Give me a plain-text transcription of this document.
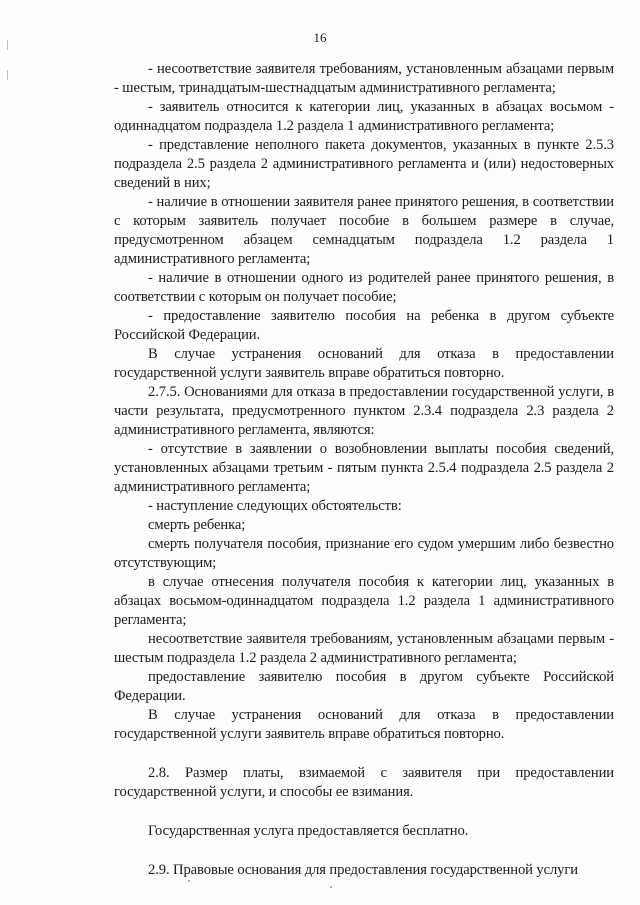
16

- несоответствие заявителя требованиям, установленным абзацами первым - шестым, тринадцатым-шестнадцатым административного регламента;

- заявитель относится к категории лиц, указанных в абзацах восьмом - одиннадцатом подраздела 1.2 раздела 1 административного регламента;

- представление неполного пакета документов, указанных в пункте 2.5.3 подраздела 2.5 раздела 2 административного регламента и (или) недостоверных сведений в них;

- наличие в отношении заявителя ранее принятого решения, в соответствии с которым заявитель получает пособие в большем размере в случае, предусмотренном абзацем семнадцатым подраздела 1.2 раздела 1 административного регламента;

- наличие в отношении одного из родителей ранее принятого решения, в соответствии с которым он получает пособие;

- предоставление заявителю пособия на ребенка в другом субъекте Российской Федерации.

В случае устранения оснований для отказа в предоставлении государственной услуги заявитель вправе обратиться повторно.

2.7.5. Основаниями для отказа в предоставлении государственной услуги, в части результата, предусмотренного пунктом 2.3.4 подраздела 2.3 раздела 2 административного регламента, являются:

- отсутствие в заявлении о возобновлении выплаты пособия сведений, установленных абзацами третьим - пятым пункта 2.5.4 подраздела 2.5 раздела 2 административного регламента;

- наступление следующих обстоятельств:

смерть ребенка;

смерть получателя пособия, признание его судом умершим либо безвестно отсутствующим;

в случае отнесения получателя пособия к категории лиц, указанных в абзацах восьмом-одиннадцатом подраздела 1.2 раздела 1 административного регламента;

несоответствие заявителя требованиям, установленным абзацами первым - шестым подраздела 1.2 раздела 2 административного регламента;

предоставление заявителю пособия в другом субъекте Российской Федерации.

В случае устранения оснований для отказа в предоставлении государственной услуги заявитель вправе обратиться повторно.

2.8. Размер платы, взимаемой с заявителя при предоставлении государственной услуги, и способы ее взимания.

Государственная услуга предоставляется бесплатно.

2.9. Правовые основания для предоставления государственной услуги
